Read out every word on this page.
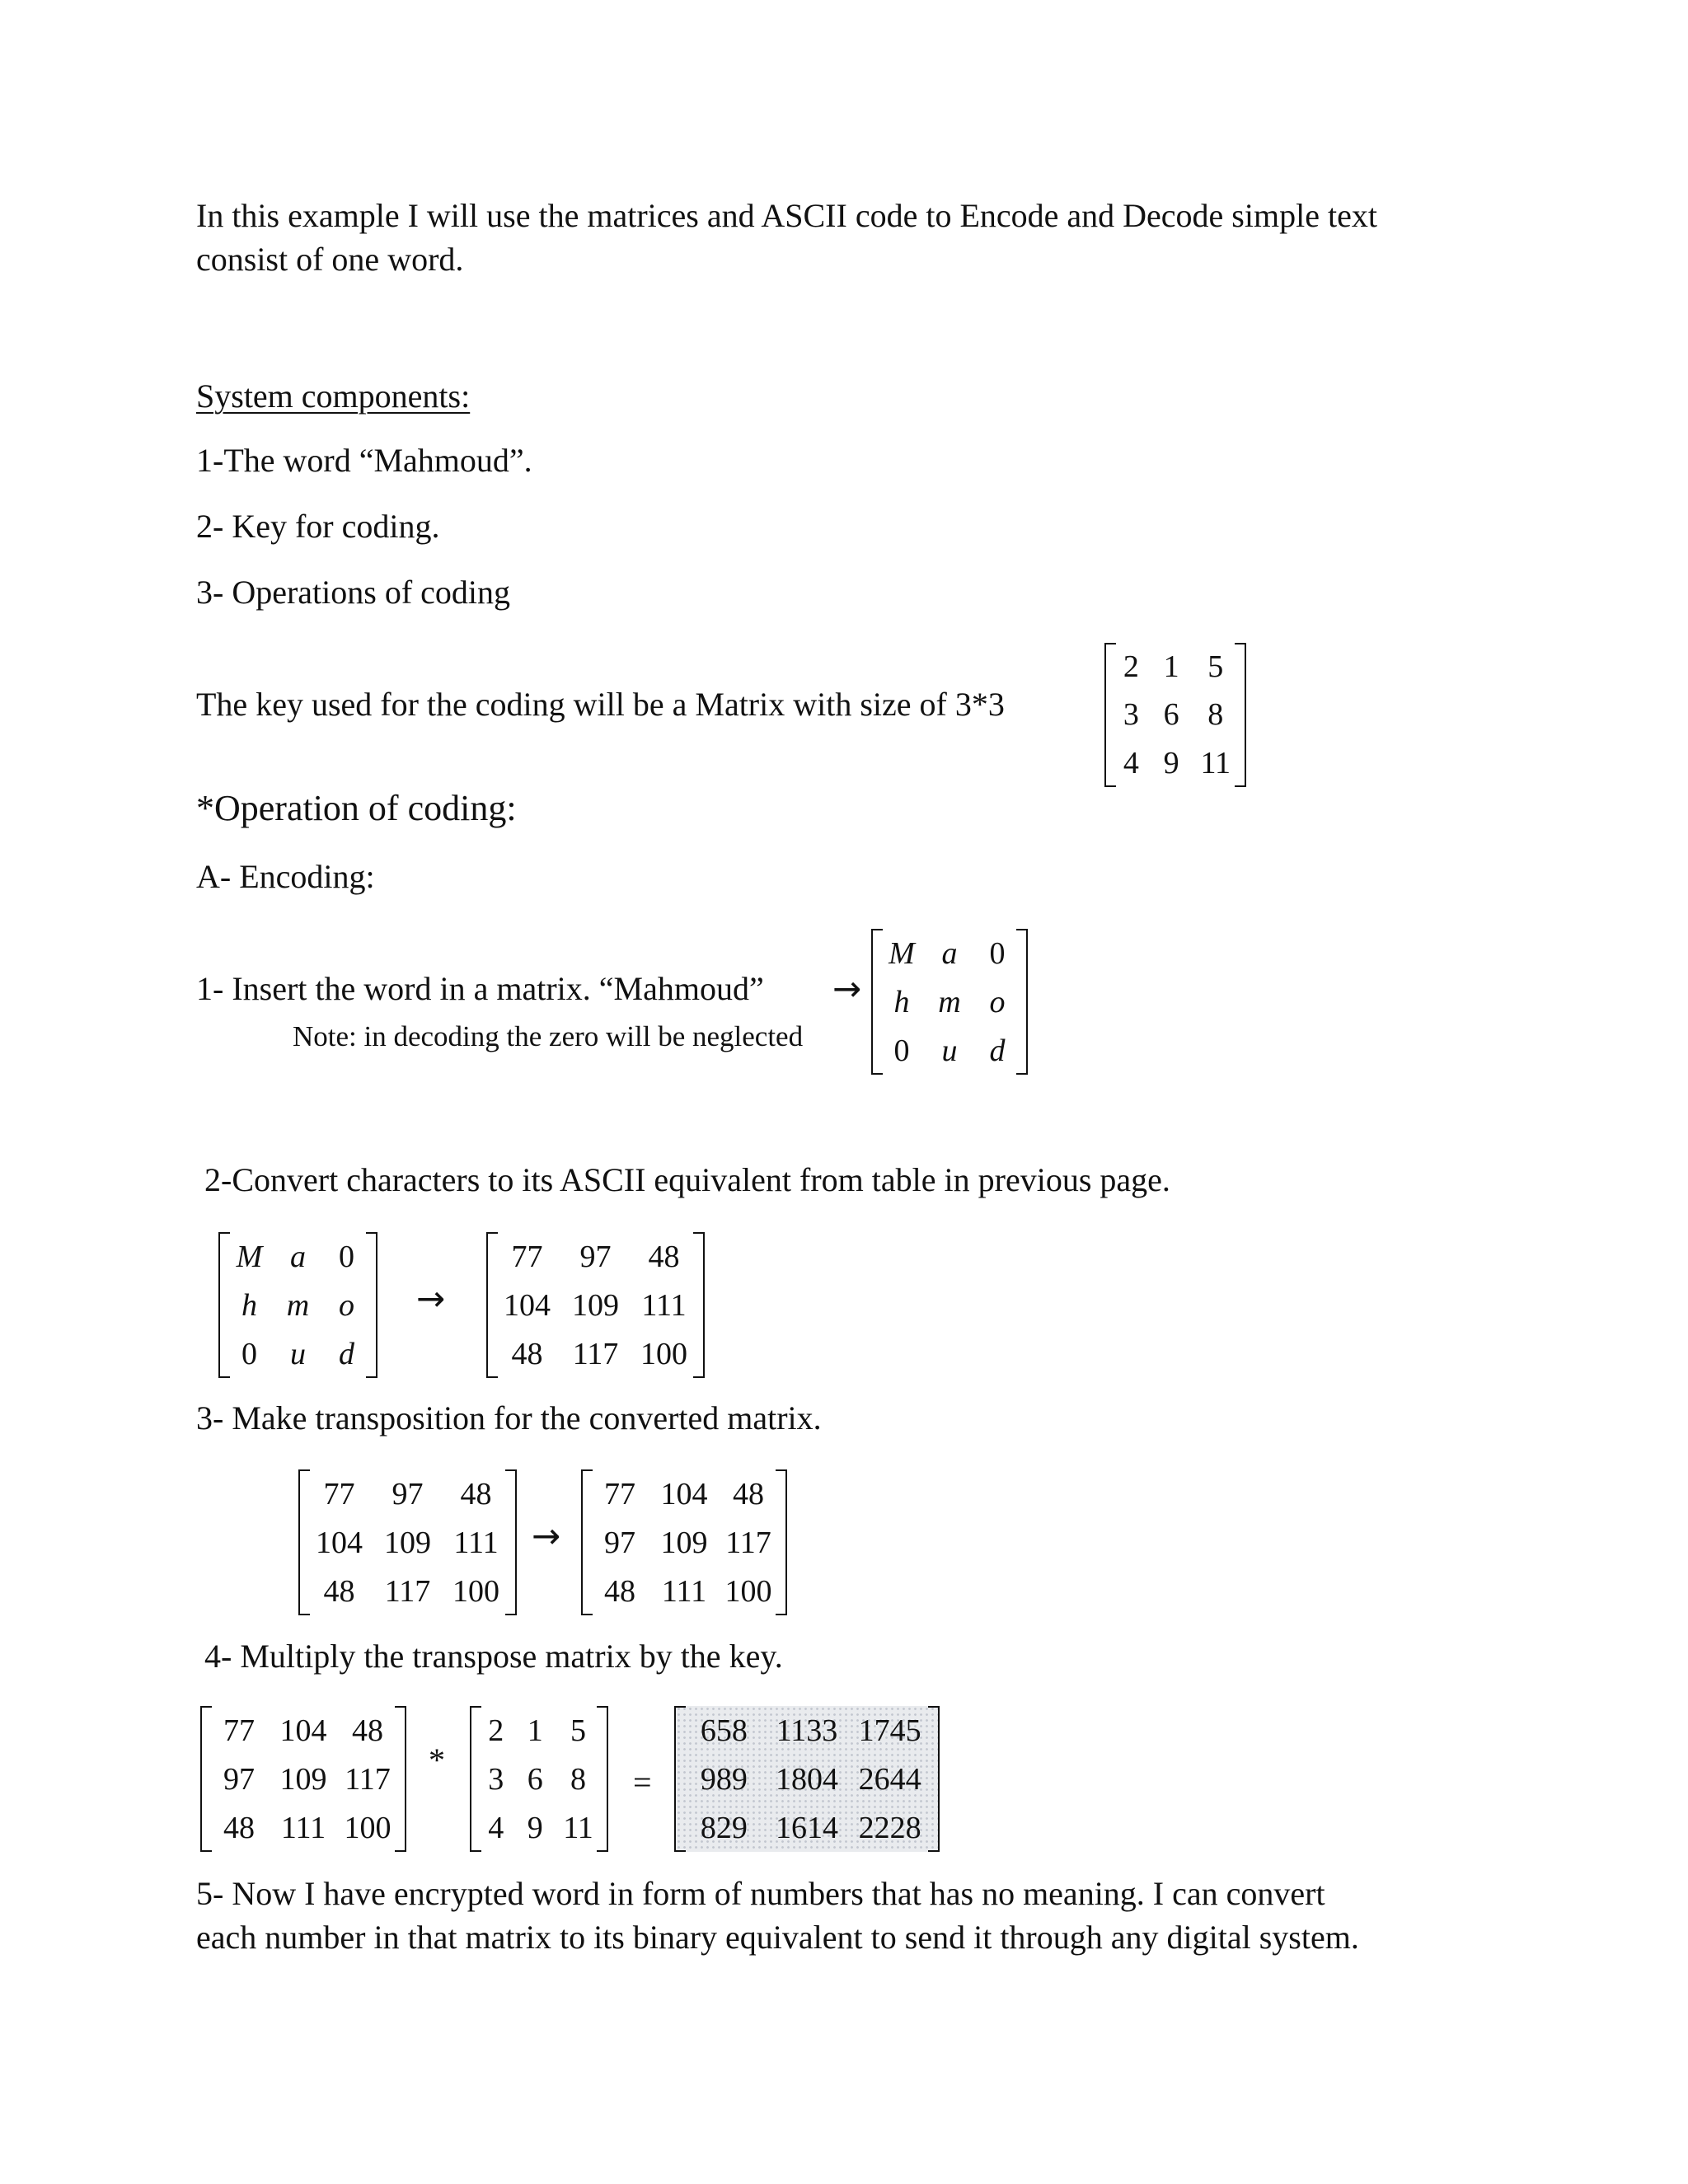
In this example I will use the matrices and ASCII code to Encode and Decode simple text
consist of one word.
System components:
1-The word “Mahmoud”.
2- Key for coding.
3- Operations of coding
The key used for the coding will be a Matrix with size of 3*3
2 1 5
3 6 8
4 9 11
*Operation of coding:
A- Encoding:
1- Insert the word in a matrix. “Mahmoud” →
Note: in decoding the zero will be neglected
M a 0
h m o
0 u d
2-Convert characters to its ASCII equivalent from table in previous page.
M a 0
h m o
0 u d
→
77 97 48
104 109 111
48 117 100
3- Make transposition for the converted matrix.
77 97 48
104 109 111
48 117 100
→
77 104 48
97 109 117
48 111 100
4- Multiply the transpose matrix by the key.
77 104 48
97 109 117
48 111 100
*
2 1 5
3 6 8
4 9 11
=
658 1133 1745
989 1804 2644
829 1614 2228
5- Now I have encrypted word in form of numbers that has no meaning. I can convert
each number in that matrix to its binary equivalent to send it through any digital system.
